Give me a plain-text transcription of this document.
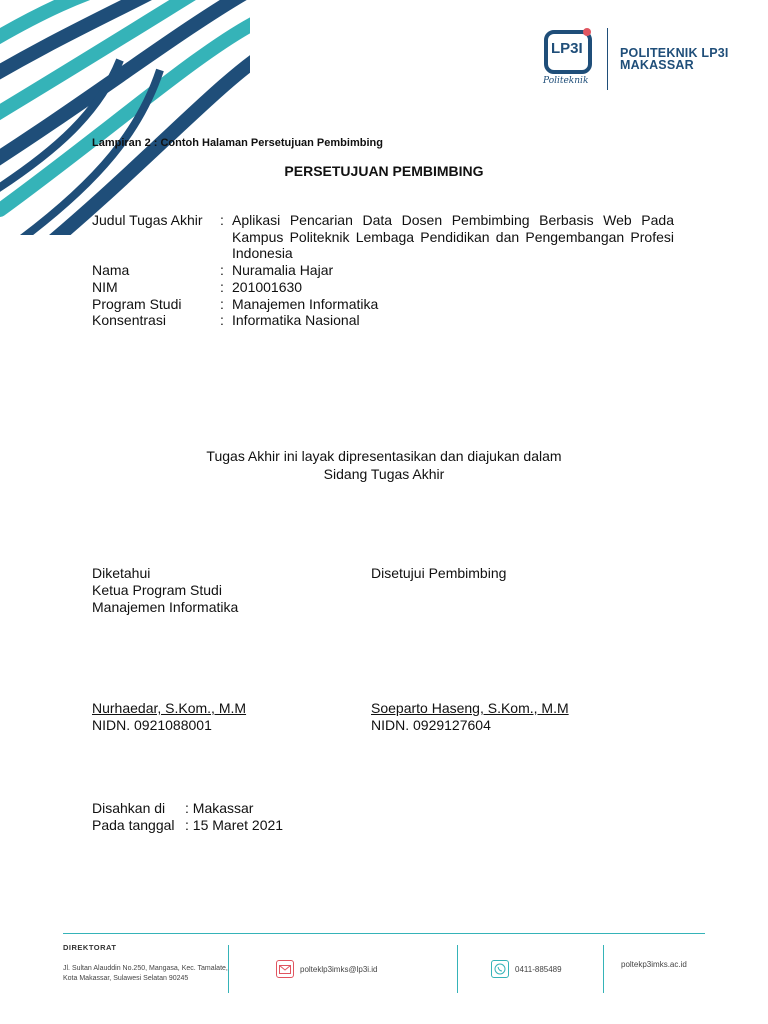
LP3I
Politeknik
POLITEKNIK LP3I
MAKASSAR
Lampiran 2 : Contoh Halaman Persetujuan Pembimbing
PERSETUJUAN PEMBIMBING
Judul Tugas Akhir	: Aplikasi Pencarian Data Dosen Pembimbing Berbasis Web Pada Kampus Politeknik Lembaga Pendidikan dan Pengembangan Profesi Indonesia
Nama	: Nuramalia Hajar
NIM	: 201001630
Program Studi	: Manajemen Informatika
Konsentrasi	: Informatika Nasional
Tugas Akhir ini layak dipresentasikan dan diajukan dalam
Sidang Tugas Akhir
Diketahui
Ketua Program Studi
Manajemen Informatika
Disetujui Pembimbing
Nurhaedar, S.Kom., M.M
NIDN. 0921088001
Soeparto Haseng, S.Kom., M.M
NIDN. 0929127604
Disahkan di	: Makassar
Pada tanggal : 15 Maret 2021
DIREKTORAT
Jl. Sultan Alauddin No.250, Mangasa, Kec. Tamalate, Kota Makassar, Sulawesi Selatan 90245
polteklp3imks@lp3i.id	0411-885489	poltekp3imks.ac.id
